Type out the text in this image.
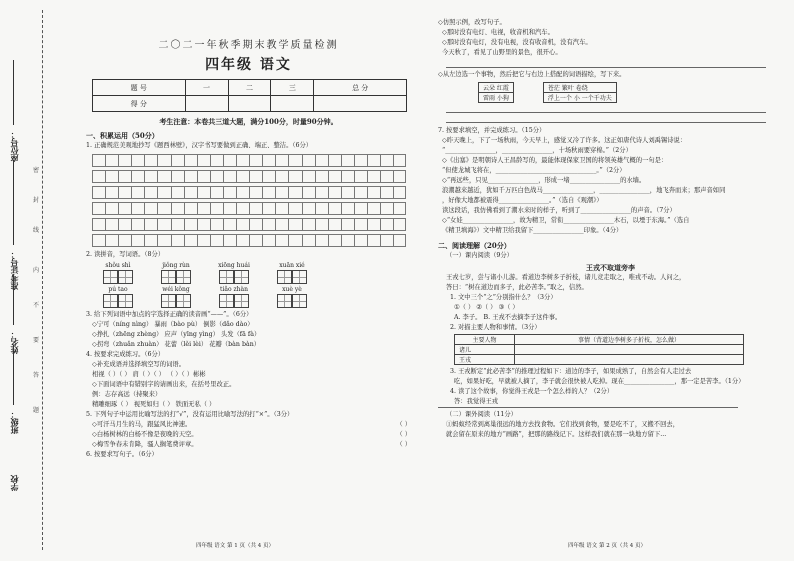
座位号：
准考证号：
姓名：
学校
班级：
密
封
线
内
不
要
答
题
二〇二一年秋季期末教学质量检测
四年级 语文
题 号	一	二	三	总 分
得 分				
考生注意：本卷共三道大题，满分100分，时量90分钟。
一、积累运用（50分）
1. 正确规范美观地抄写《题西林壁》，汉字书写要做到正确、端正、整洁。（6分）
2. 读拼音，写词语。（8分）
shǒu shì	jiǒng rùn	xiōng huái	xuān xié
pú tao	wéi kǒng	tiǎo zhàn	xuè yè
3. 给下列词语中加点的字选择正确的读音画“——”。（6分）
◇宁可（níng nìng） 暴雨（bào pù） 倒影（dǎo dào）
◇挣扎（zhēng zhèng） 应声（yīng yìng） 头发（fā fà）
◇拐弯（zhuǎn zhuàn） 花蕾（lěi lèi） 花瓣（bàn bàn）
4. 按要求完成练习。（6分）
◇补充成语并选择填空写的词语。
相视（ ）（ ） 肩（ ）（ ） （ ）（ ）彬彬
◇下面词语中有错别字的请画出来，在括号里改正。
例：志存高远（持聚来）
精雕细琢（ ） 视死如归（ ） 铁面无私（ ）
5. 下列句子中运用比喻写法的打“√”，没有运用比喻写法的打“×”。（3分）
◇可汗马月生的马，跟猛风比神速。	（ ）
◇白杨树林的白杨不像是夜晚的天空。	（ ）
◇梅雪争春未肯降，骚人搁笔费评章。	（ ）
6. 按要求写句子。（6分）
四年级 语文 第 1 页（共 4 页）
◇仿照示例，改写句子。
◇那时没有电灯、电视，收音机和汽车。
◇那时没有电灯，没有电视，没有收音机，没有汽车。
今天秋了，看见了山野里的景色，很开心。
◇从左边选一个事物，然后把它与右边上搭配的词语描绘，写下来。
云朵 红霞		苍茫 繁叶 卷绕
雷雨 小狗		浮上一个 小 一个千功夫
7. 按要求填空，并完成练习。（15分）
◇昨天晚上，下了一场秋雨，今天早上，感觉又冷了许多。这正如唐代诗人刘禹锡诗说：
“________________，________________，十场秋雨要穿棉。”（2分）
◇《出塞》是明朝诗人王昌龄写的，最能体现保家卫国的将领英雄气概的一句是：
“但使龙城飞将在，________________________________。”（2分）
◇“再远些，只见________________，形成一堵________________的水墙。
浪潮越来越近，犹如千万匹白色战马________________，________________，地飞奔而来；那声音如同
，好像大地都被震得________________。”（选自《观潮》）
读这段话，我仿佛看到了潮水来时的样子，听到了________________的声音。（7分）
◇“女娃________________，故为精卫，常衔________________木石，以堙于东海。”（选自
《精卫填海》）文中精卫给我留下________________印象。（4分）
二、阅读理解（20分）
（一）课内阅读（9分）
王戎不取道旁李
王戎七岁，尝与诸小儿游。看道边李树多子折枝，诸儿竞走取之，唯戎不动。人问之，
答曰：“树在道边而多子，此必苦李。”取之，信然。
1. 文中三个“之”分别指什么？（3分）
①（ ） ②（ ） ③（ ）
A. 李子。 B. 王戎不去摘李子这件事。
2. 对描主要人物和事情。（3分）
主要人物	事情（背道边李树多子折枝，怎么做）
诸儿	
王戎	
3. 王戎断定“此必苦李”的推理过程如下：道边的李子，如果成熟了，自然会有人走过去
吃，如果好吃，早就被人摘了，李子就会很快被人吃掉。现在________________，那一定是苦李。（1分）
4. 读了这个故事，你觉得王戎是一个怎么样的人？（2分）
答：我觉得王戎
（二）课外阅读（11分）
①蚂蚁经常到离巢很远的地方去找食物。它们找到食物，要是吃不了，又搬不回去，
就会留在原来的地方“画路”，把那的路线记下。这样我们就在那一块地方留下...
四年级 语文 第 2 页（共 4 页）
